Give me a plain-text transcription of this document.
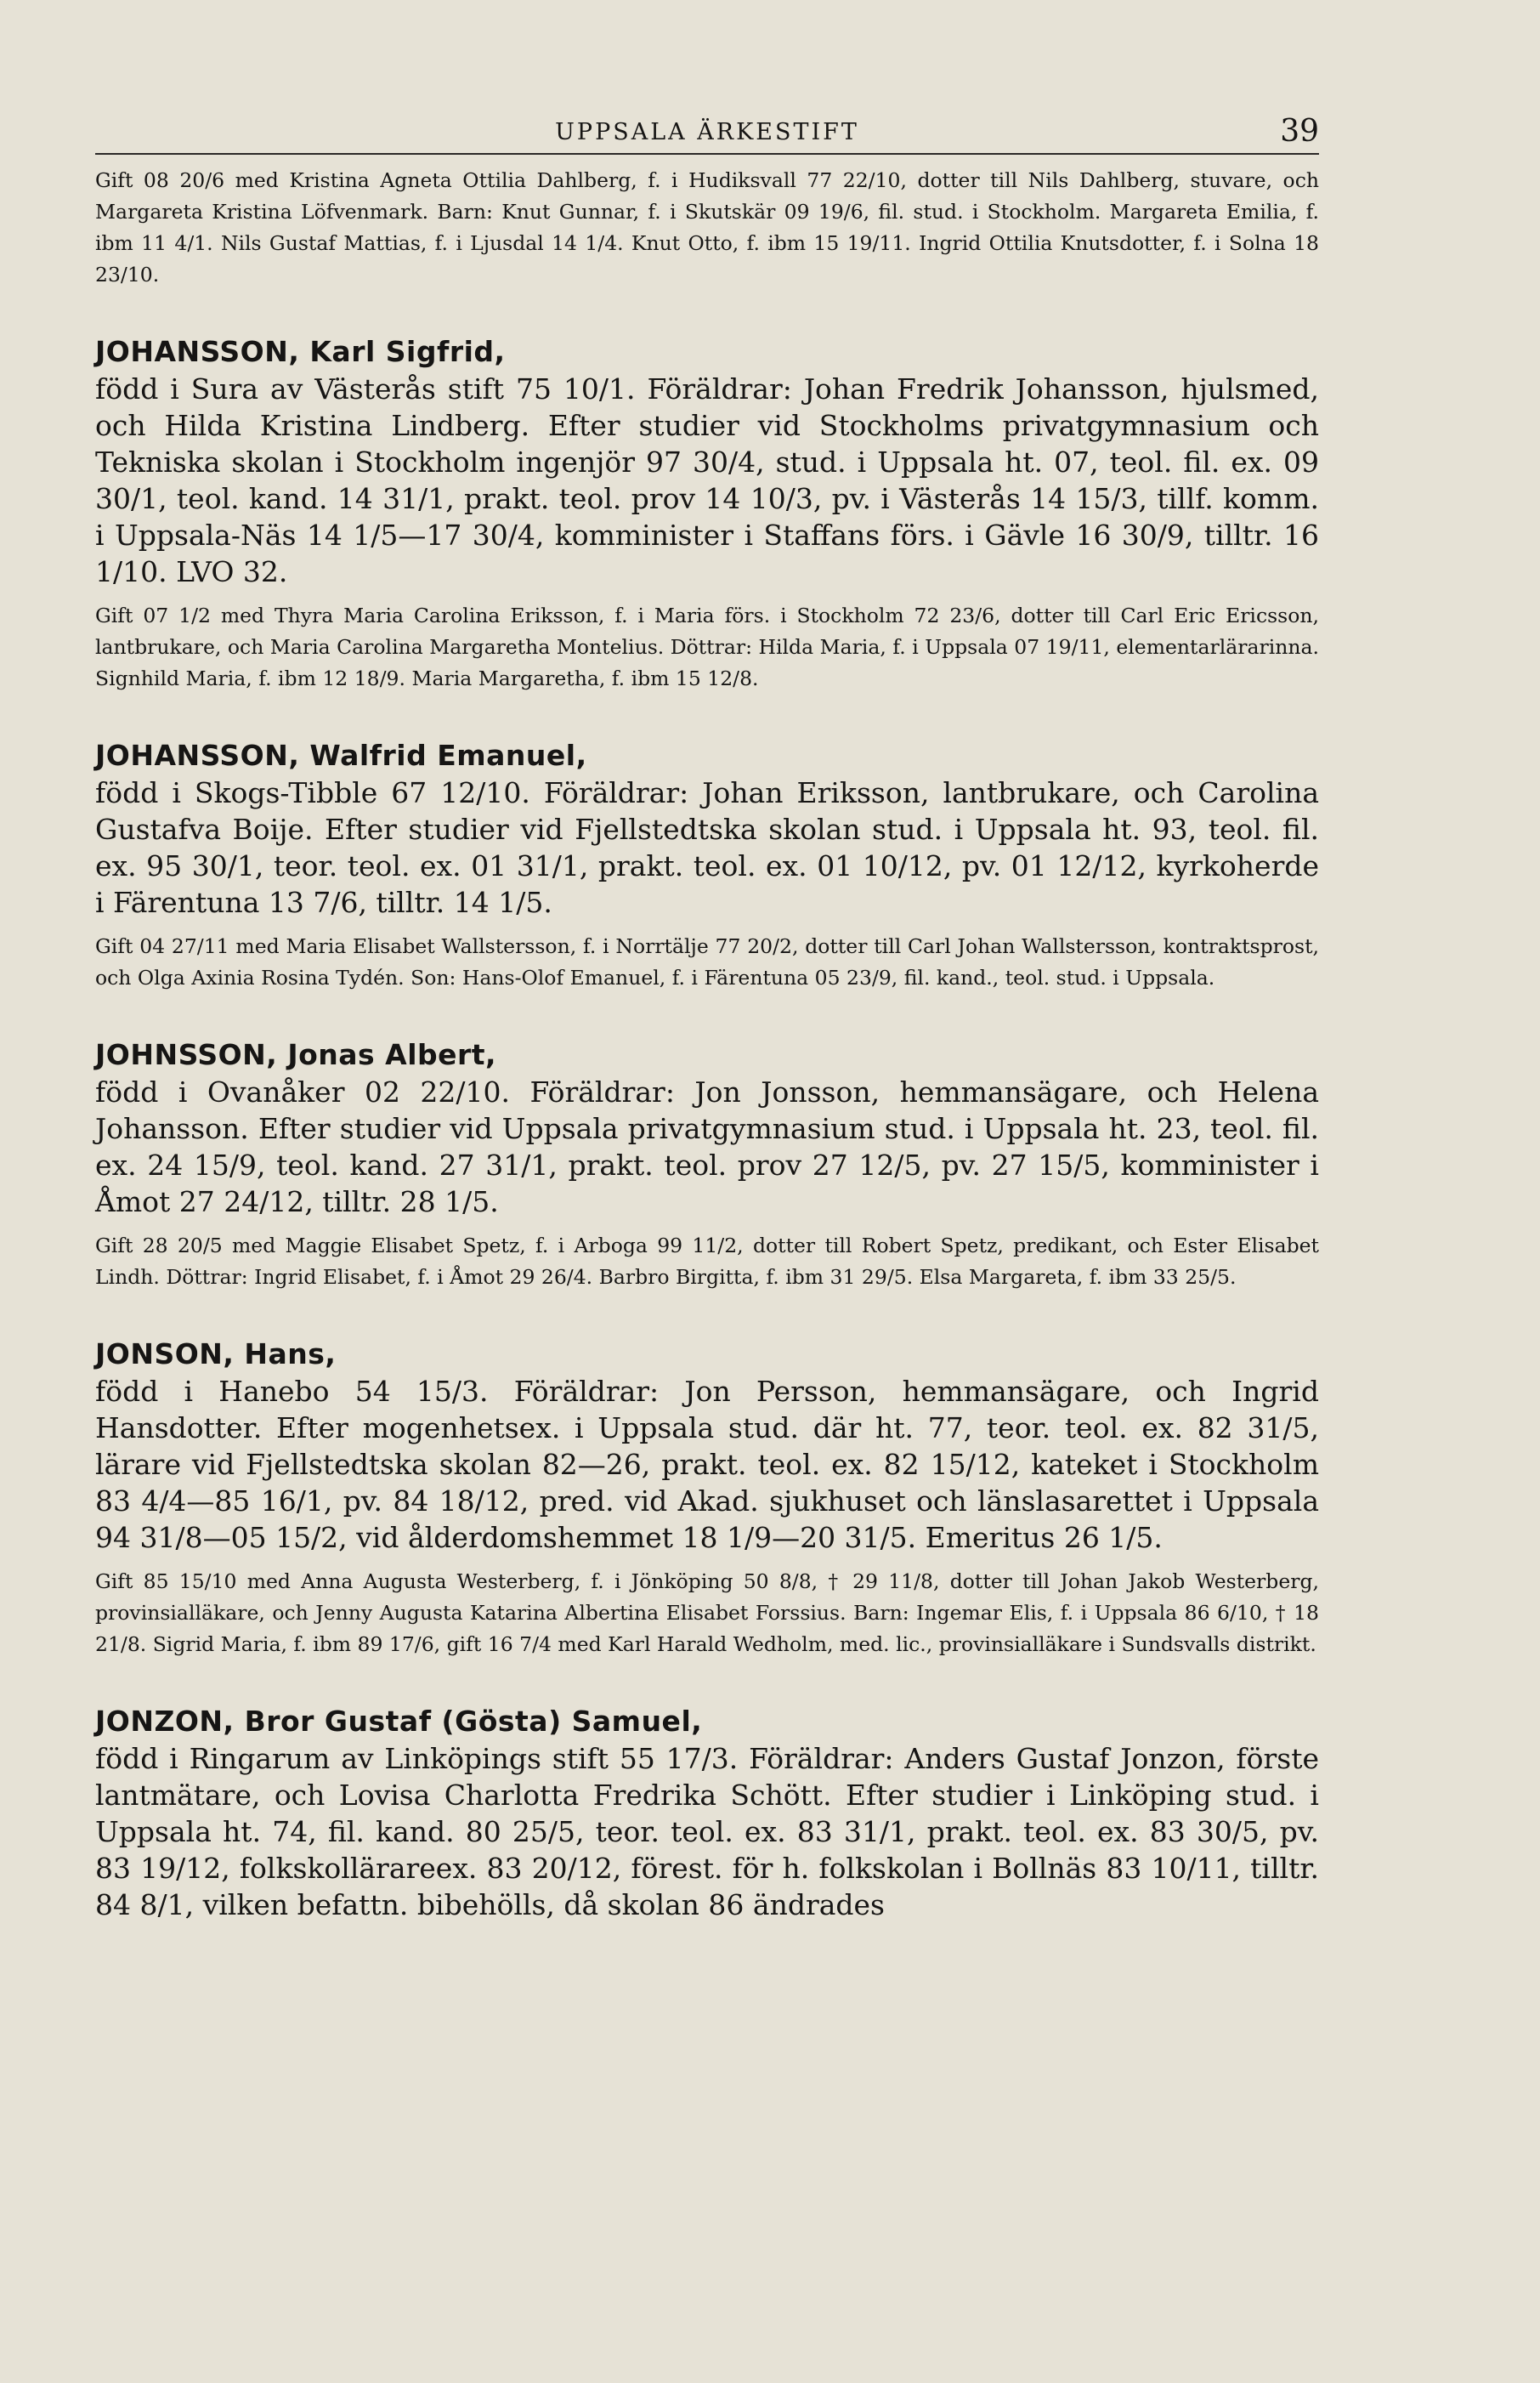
UPPSALA ÄRKESTIFT	39

Gift 08 20/6 med Kristina Agneta Ottilia Dahlberg, f. i Hudiksvall 77 22/10, dotter till Nils Dahlberg, stuvare, och Margareta Kristina Löfvenmark. Barn: Knut Gunnar, f. i Skutskär 09 19/6, fil. stud. i Stockholm. Margareta Emilia, f. ibm 11 4/1. Nils Gustaf Mattias, f. i Ljusdal 14 1/4. Knut Otto, f. ibm 15 19/11. Ingrid Ottilia Knutsdotter, f. i Solna 18 23/10.

JOHANSSON, Karl Sigfrid,

född i Sura av Västerås stift 75 10/1. Föräldrar: Johan Fredrik Johansson, hjulsmed, och Hilda Kristina Lindberg. Efter studier vid Stockholms privatgymnasium och Tekniska skolan i Stockholm ingenjör 97 30/4, stud. i Uppsala ht. 07, teol. fil. ex. 09 30/1, teol. kand. 14 31/1, prakt. teol. prov 14 10/3, pv. i Västerås 14 15/3, tillf. komm. i Uppsala-Näs 14 1/5—17 30/4, komminister i Staffans förs. i Gävle 16 30/9, tilltr. 16 1/10. LVO 32.

Gift 07 1/2 med Thyra Maria Carolina Eriksson, f. i Maria förs. i Stockholm 72 23/6, dotter till Carl Eric Ericsson, lantbrukare, och Maria Carolina Margaretha Montelius. Döttrar: Hilda Maria, f. i Uppsala 07 19/11, elementarlärarinna. Signhild Maria, f. ibm 12 18/9. Maria Margaretha, f. ibm 15 12/8.

JOHANSSON, Walfrid Emanuel,

född i Skogs-Tibble 67 12/10. Föräldrar: Johan Eriksson, lantbrukare, och Carolina Gustafva Boije. Efter studier vid Fjellstedtska skolan stud. i Uppsala ht. 93, teol. fil. ex. 95 30/1, teor. teol. ex. 01 31/1, prakt. teol. ex. 01 10/12, pv. 01 12/12, kyrkoherde i Färentuna 13 7/6, tilltr. 14 1/5.

Gift 04 27/11 med Maria Elisabet Wallstersson, f. i Norrtälje 77 20/2, dotter till Carl Johan Wallstersson, kontraktsprost, och Olga Axinia Rosina Tydén. Son: Hans-Olof Emanuel, f. i Färentuna 05 23/9, fil. kand., teol. stud. i Uppsala.

JOHNSSON, Jonas Albert,

född i Ovanåker 02 22/10. Föräldrar: Jon Jonsson, hemmansägare, och Helena Johansson. Efter studier vid Uppsala privatgymnasium stud. i Uppsala ht. 23, teol. fil. ex. 24 15/9, teol. kand. 27 31/1, prakt. teol. prov 27 12/5, pv. 27 15/5, komminister i Åmot 27 24/12, tilltr. 28 1/5.

Gift 28 20/5 med Maggie Elisabet Spetz, f. i Arboga 99 11/2, dotter till Robert Spetz, predikant, och Ester Elisabet Lindh. Döttrar: Ingrid Elisabet, f. i Åmot 29 26/4. Barbro Birgitta, f. ibm 31 29/5. Elsa Margareta, f. ibm 33 25/5.

JONSON, Hans,

född i Hanebo 54 15/3. Föräldrar: Jon Persson, hemmansägare, och Ingrid Hansdotter. Efter mogenhetsex. i Uppsala stud. där ht. 77, teor. teol. ex. 82 31/5, lärare vid Fjellstedtska skolan 82—26, prakt. teol. ex. 82 15/12, kateket i Stockholm 83 4/4—85 16/1, pv. 84 18/12, pred. vid Akad. sjukhuset och länslasarettet i Uppsala 94 31/8—05 15/2, vid ålderdomshemmet 18 1/9—20 31/5. Emeritus 26 1/5.

Gift 85 15/10 med Anna Augusta Westerberg, f. i Jönköping 50 8/8, † 29 11/8, dotter till Johan Jakob Westerberg, provinsialläkare, och Jenny Augusta Katarina Albertina Elisabet Forssius. Barn: Ingemar Elis, f. i Uppsala 86 6/10, † 18 21/8. Sigrid Maria, f. ibm 89 17/6, gift 16 7/4 med Karl Harald Wedholm, med. lic., provinsialläkare i Sundsvalls distrikt.

JONZON, Bror Gustaf (Gösta) Samuel,

född i Ringarum av Linköpings stift 55 17/3. Föräldrar: Anders Gustaf Jonzon, förste lantmätare, och Lovisa Charlotta Fredrika Schött. Efter studier i Linköping stud. i Uppsala ht. 74, fil. kand. 80 25/5, teor. teol. ex. 83 31/1, prakt. teol. ex. 83 30/5, pv. 83 19/12, folkskollärareex. 83 20/12, förest. för h. folkskolan i Bollnäs 83 10/11, tilltr. 84 8/1, vilken befattn. bibehölls, då skolan 86 ändrades
